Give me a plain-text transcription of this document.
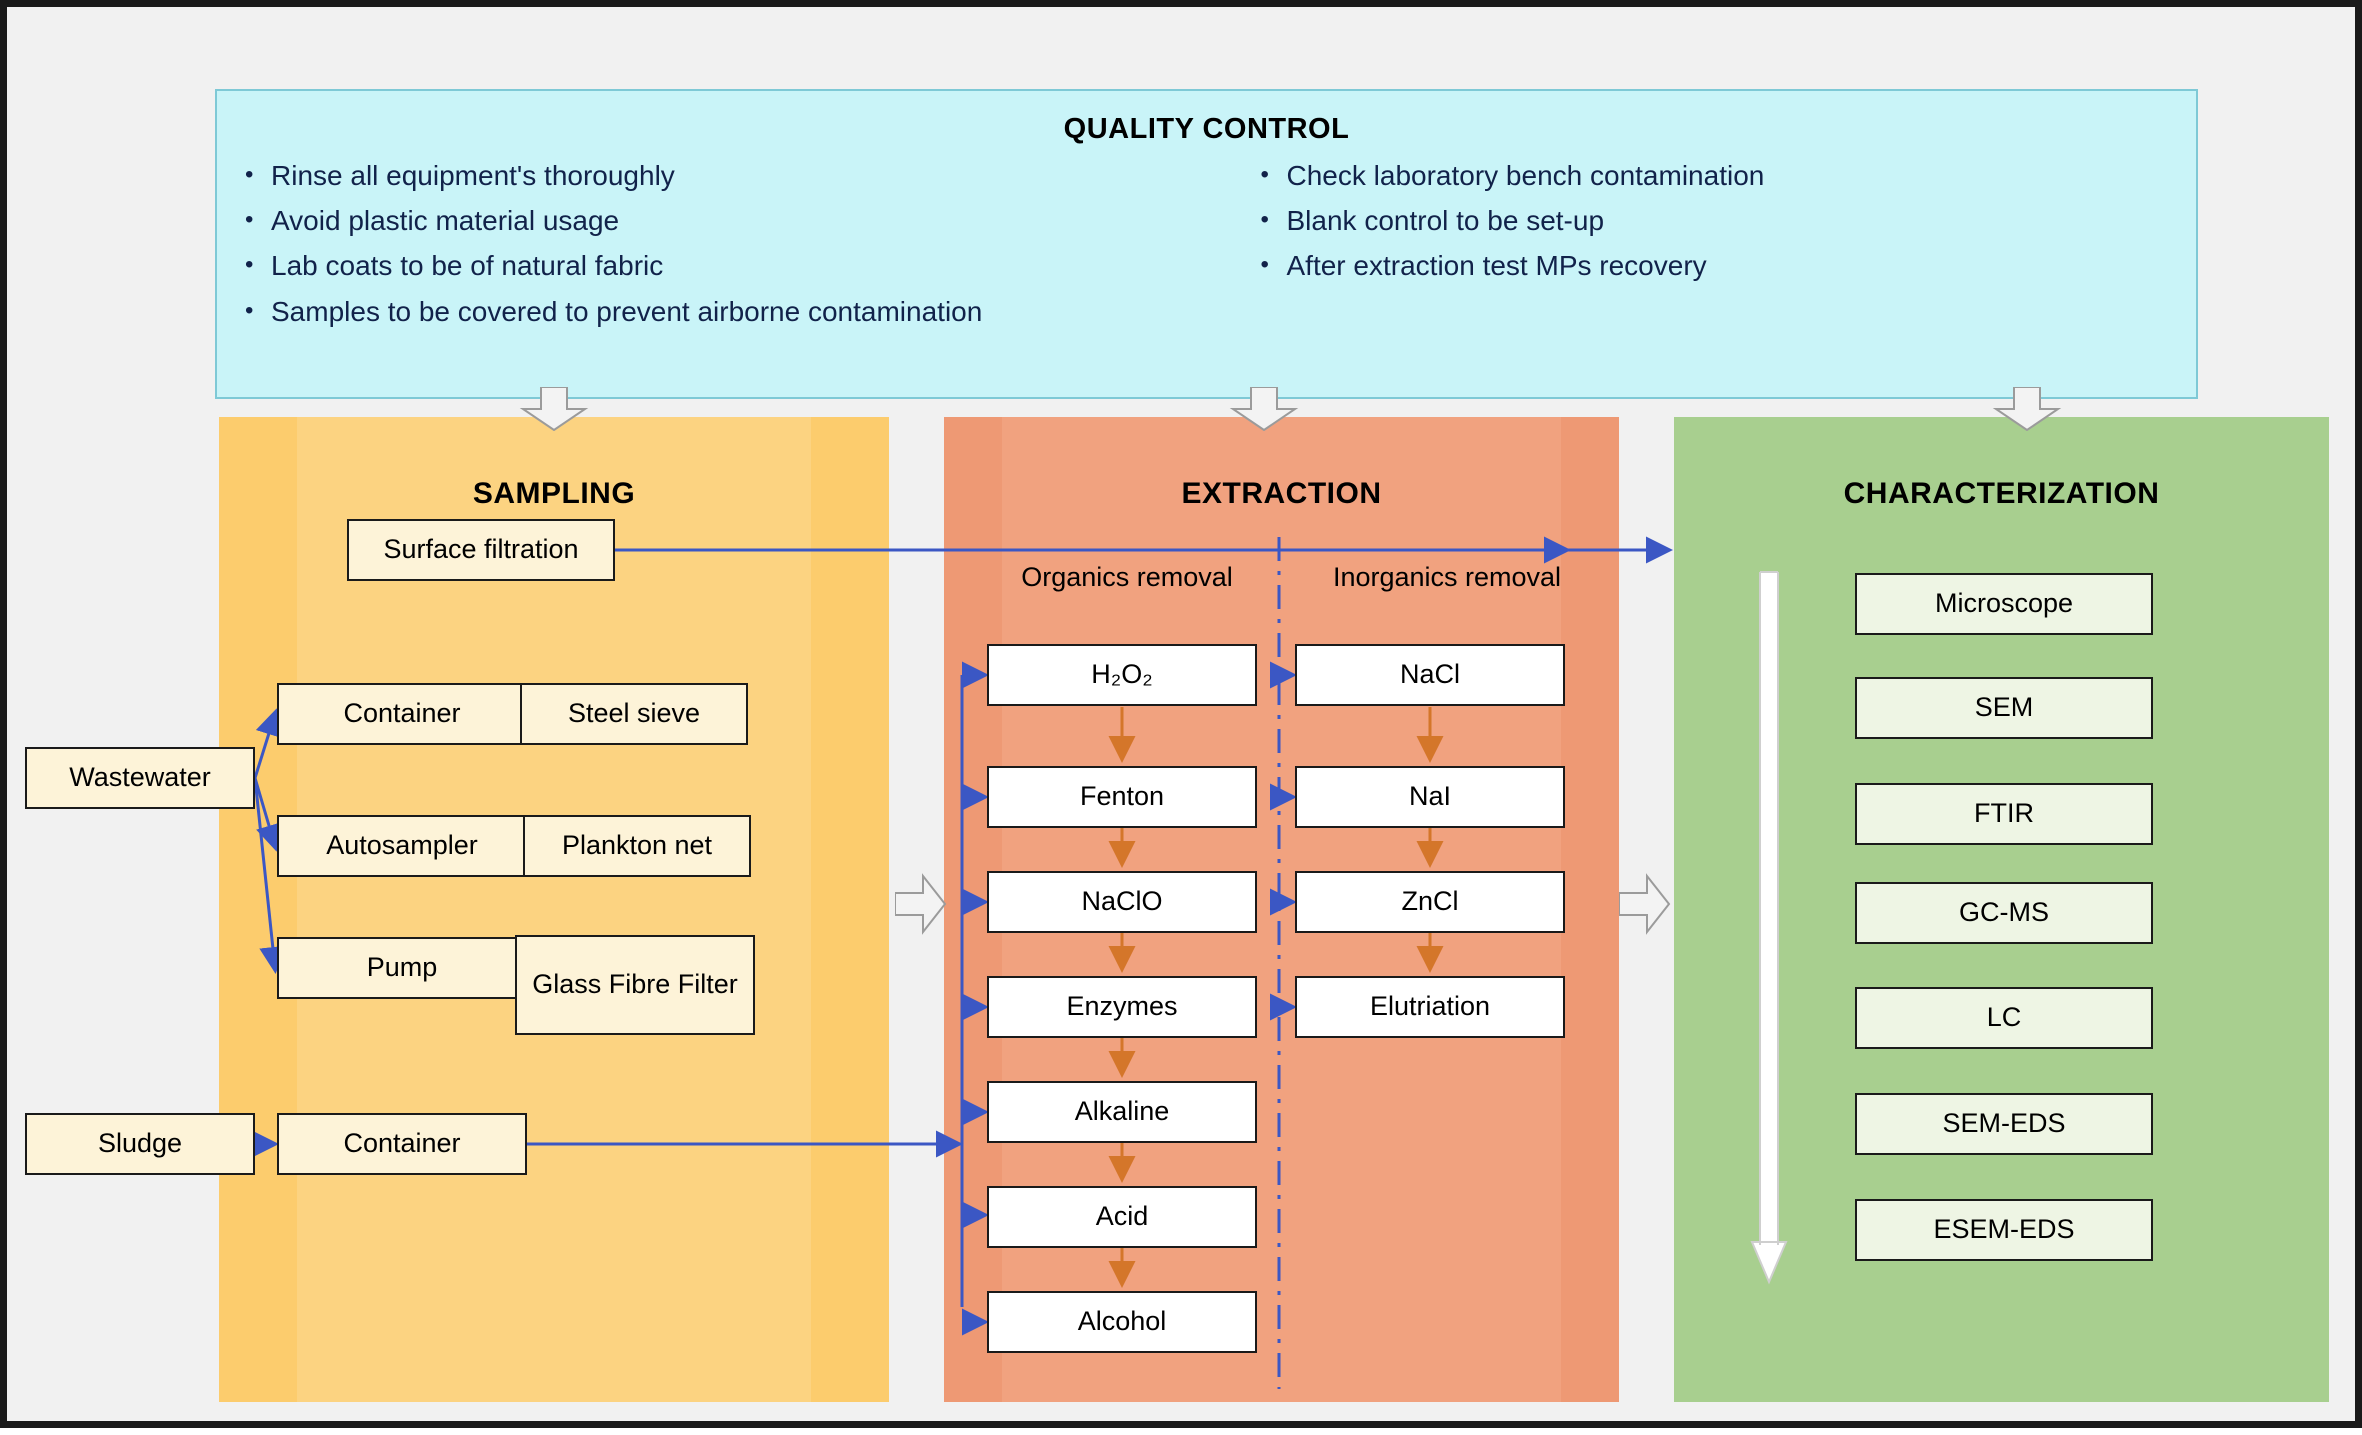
QUALITY CONTROL
• Rinse all equipment's thoroughly
• Avoid plastic material usage
• Lab coats to be of natural fabric
• Samples to be covered to prevent airborne contamination
• Check laboratory bench contamination
• Blank control to be set-up
• After extraction test MPs recovery
SAMPLING	EXTRACTION	CHARACTERIZATION
Surface filtration
Wastewater
Container	Steel sieve
Autosampler	Plankton net
Pump
Glass Fibre Filter
Sludge	Container
Organics removal	Inorganics removal
H₂O₂
Fenton
NaClO
Enzymes
Alkaline
Acid
Alcohol
NaCl
NaI
ZnCl
Elutriation
Microscope
SEM
FTIR
GC-MS
LC
SEM-EDS
ESEM-EDS
